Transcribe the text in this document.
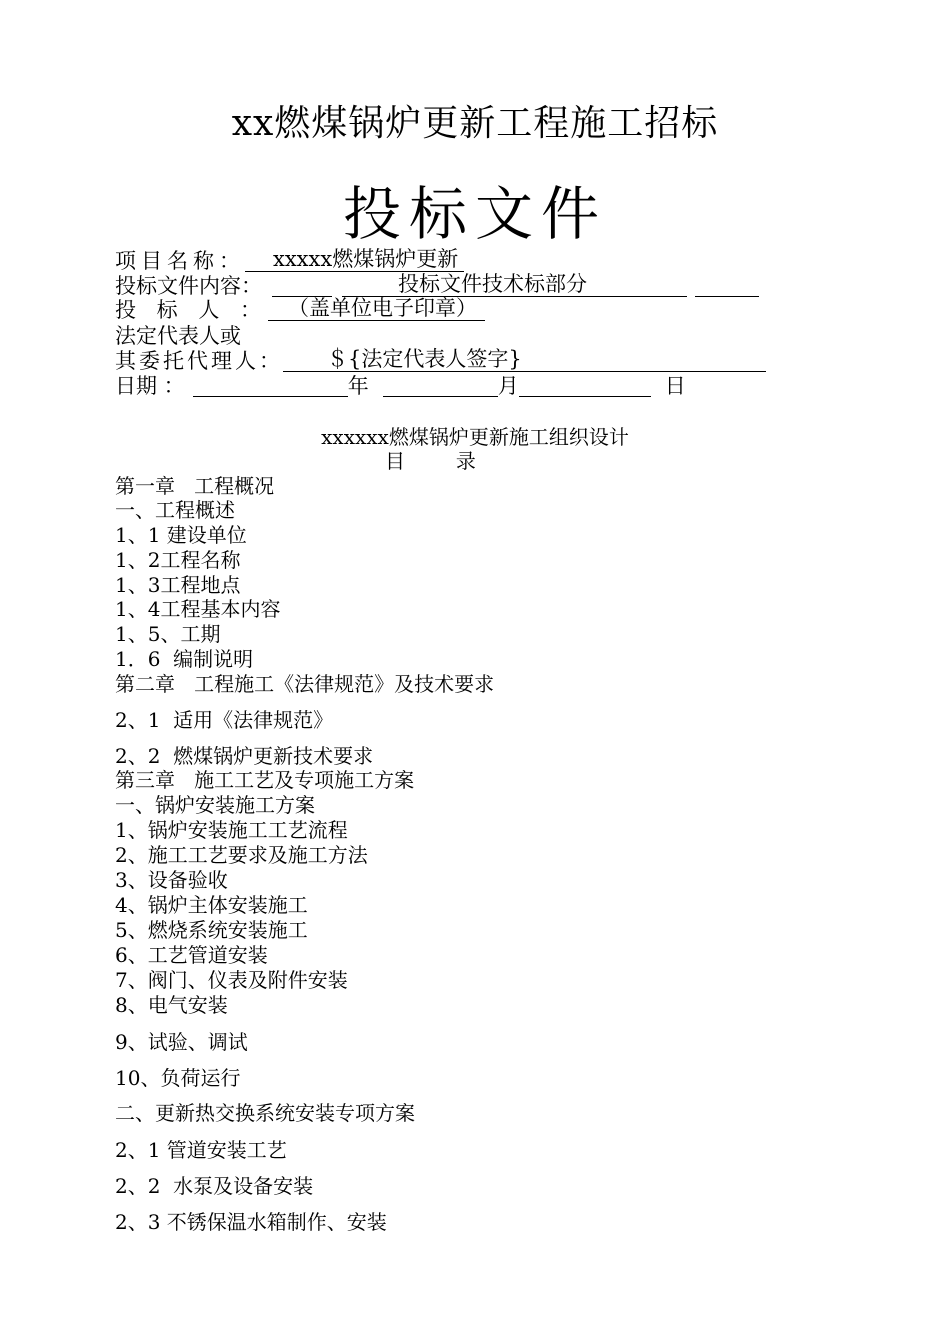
xx燃煤锅炉更新工程施工招标
投标文件
项目名称： xxxxx燃煤锅炉更新
投标文件内容：	投标文件技术标部分
投 标 人 ： （盖单位电子印章）
法定代表人或
其委托代理人： ＄{法定代表人签字}
日期 ：	年	月	日
xxxxxx燃煤锅炉更新施工组织设计
目        录
第一章   工程概况
一、工程概述
1、1 建设单位
1、2工程名称
1、3工程地点
1、4工程基本内容
1、5、工期
1．6  编制说明
第二章   工程施工《法律规范》及技术要求
2、1  适用《法律规范》
2、2  燃煤锅炉更新技术要求
第三章   施工工艺及专项施工方案
一、锅炉安装施工方案
1、锅炉安装施工工艺流程
2、施工工艺要求及施工方法
3、设备验收
4、锅炉主体安装施工
5、燃烧系统安装施工
6、工艺管道安装
7、阀门、仪表及附件安装
8、电气安装
9、试验、调试
10、负荷运行
二、更新热交换系统安装专项方案
2、1 管道安装工艺
2、2  水泵及设备安装
2、3 不锈保温水箱制作、安装
